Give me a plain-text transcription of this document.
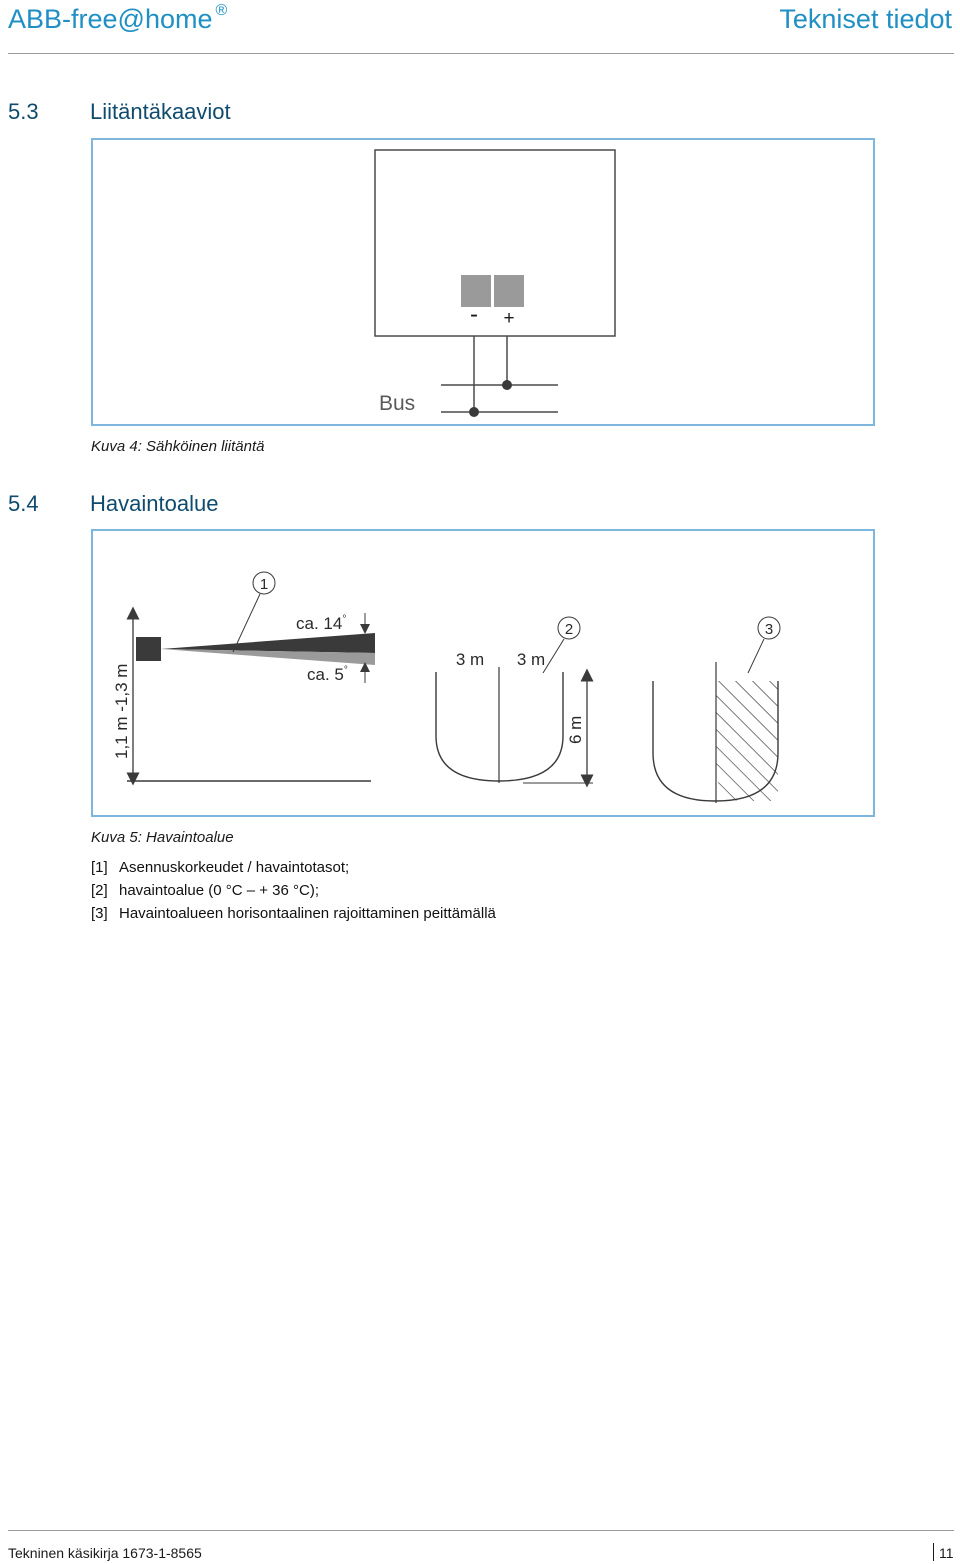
ABB-free@home ®	Tekniset tiedot
5.3 Liitäntäkaaviot
- +
Bus
Kuva 4: Sähköinen liitäntä
5.4 Havaintoalue
1,1 m -1,3 m
1
ca. 14°
ca. 5°
3 m 3 m
6 m
2	3
Kuva 5: Havaintoalue
[1] Asennuskorkeudet / havaintotasot;
[2] havaintoalue (0 °C – + 36 °C);
[3] Havaintoalueen horisontaalinen rajoittaminen peittämällä
Tekninen käsikirja 1673-1-8565	11
